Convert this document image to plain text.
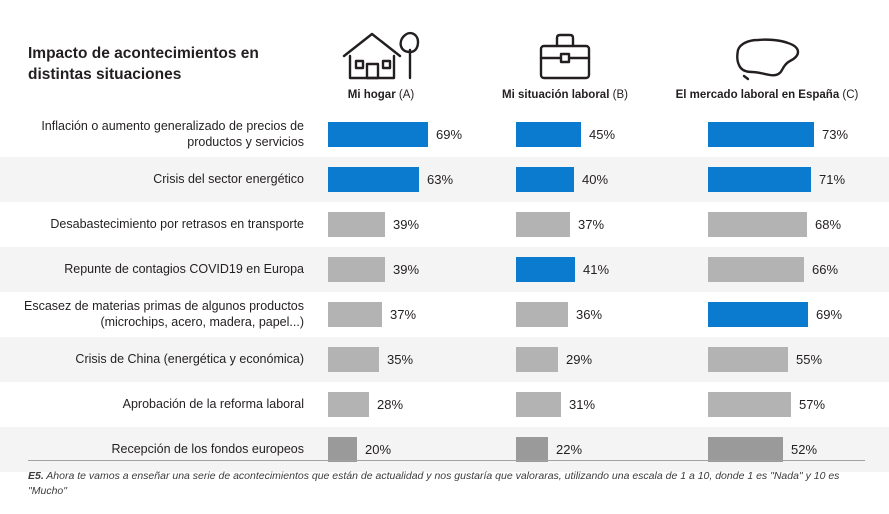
Impacto de acontecimientos en distintas situaciones
Mi hogar (A)	Mi situación laboral (B)	El mercado laboral en España (C)
Inflación o aumento generalizado de precios de productos y servicios	69%	45%	73%
Crisis del sector energético	63%	40%	71%
Desabastecimiento por retrasos en transporte	39%	37%	68%
Repunte de contagios COVID19 en Europa	39%	41%	66%
Escasez de materias primas de algunos productos (microchips, acero, madera, papel...)	37%	36%	69%
Crisis de China (energética y económica)	35%	29%	55%
Aprobación de la reforma laboral	28%	31%	57%
Recepción de los fondos europeos	20%	22%	52%
E5. Ahora te vamos a enseñar una serie de acontecimientos que están de actualidad y nos gustaría que valoraras, utilizando una escala de 1 a 10, donde 1 es "Nada" y 10 es "Mucho"
